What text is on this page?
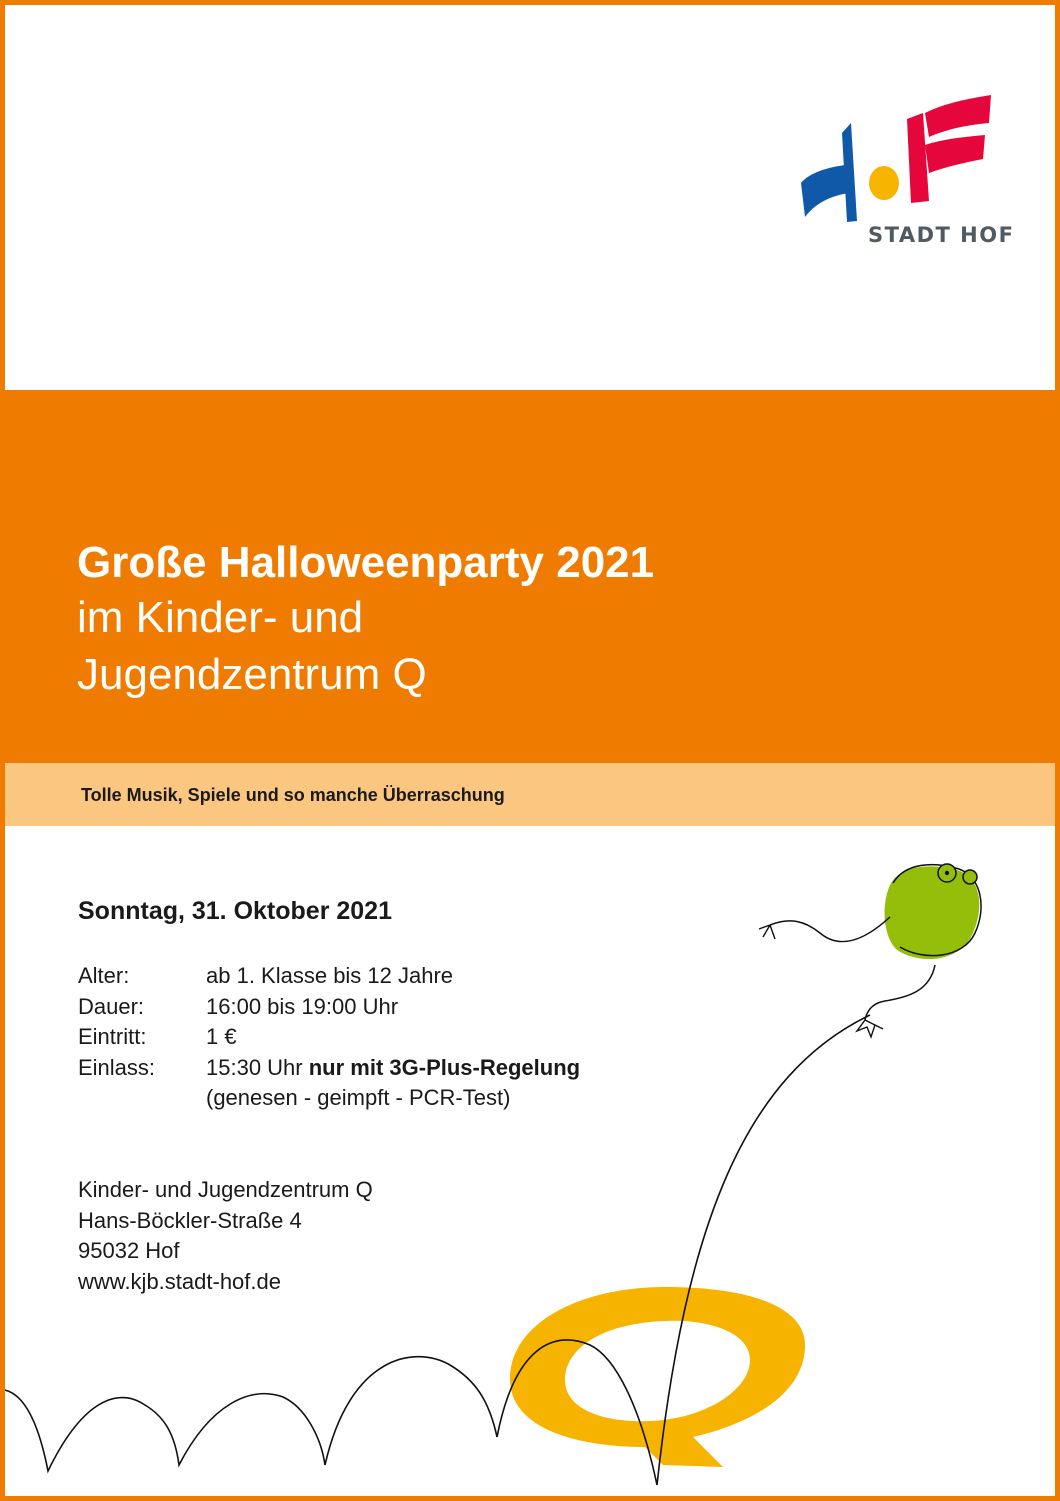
STADT HOF
Große Halloweenparty 2021
im Kinder- und
Jugendzentrum Q
Tolle Musik, Spiele und so manche Überraschung
Sonntag, 31. Oktober 2021
Alter:	ab 1. Klasse bis 12 Jahre
Dauer:	16:00 bis 19:00 Uhr
Eintritt:	1 €
Einlass: 15:30 Uhr nur mit 3G-Plus-Regelung
(genesen - geimpft - PCR-Test)
Kinder- und Jugendzentrum Q
Hans-Böckler-Straße 4
95032 Hof
www.kjb.stadt-hof.de
